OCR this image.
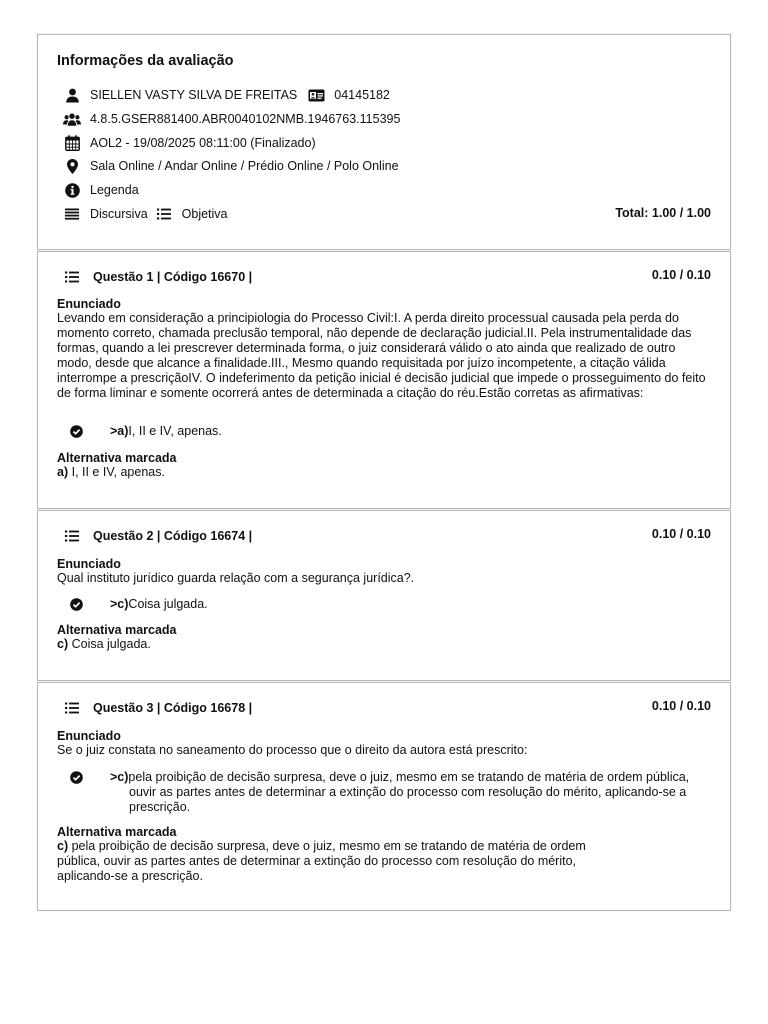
Informações da avaliação
SIELLEN VASTY SILVA DE FREITAS	04145182
4.8.5.GSER881400.ABR0040102NMB.1946763.115395
AOL2 - 19/08/2025 08:11:00 (Finalizado)
Sala Online / Andar Online / Prédio Online / Polo Online
Legenda
Discursiva	Objetiva	Total: 1.00 / 1.00
Questão 1 | Código 16670 |	0.10 / 0.10
Enunciado
Levando em consideração a principiologia do Processo Civil:I. A perda direito processual causada pela perda do momento correto, chamada preclusão temporal, não depende de declaração judicial.II. Pela instrumentalidade das formas, quando a lei prescrever determinada forma, o juiz considerará válido o ato ainda que realizado de outro modo, desde que alcance a finalidade.III., Mesmo quando requisitada por juízo incompetente, a citação válida interrompe a prescriçãoIV. O indeferimento da petição inicial é decisão judicial que impede o prosseguimento do feito de forma liminar e somente ocorrerá antes de determinada a citação do réu.Estão corretas as afirmativas:
>a)I, II e IV, apenas.
Alternativa marcada
a) I, II e IV, apenas.
Questão 2 | Código 16674 |	0.10 / 0.10
Enunciado
Qual instituto jurídico guarda relação com a segurança jurídica?.
>c)Coisa julgada.
Alternativa marcada
c) Coisa julgada.
Questão 3 | Código 16678 |	0.10 / 0.10
Enunciado
Se o juiz constata no saneamento do processo que o direito da autora está prescrito:
>c)pela proibição de decisão surpresa, deve o juiz, mesmo em se tratando de matéria de ordem pública, ouvir as partes antes de determinar a extinção do processo com resolução do mérito, aplicando-se a prescrição.
Alternativa marcada
c) pela proibição de decisão surpresa, deve o juiz, mesmo em se tratando de matéria de ordem pública, ouvir as partes antes de determinar a extinção do processo com resolução do mérito, aplicando-se a prescrição.
